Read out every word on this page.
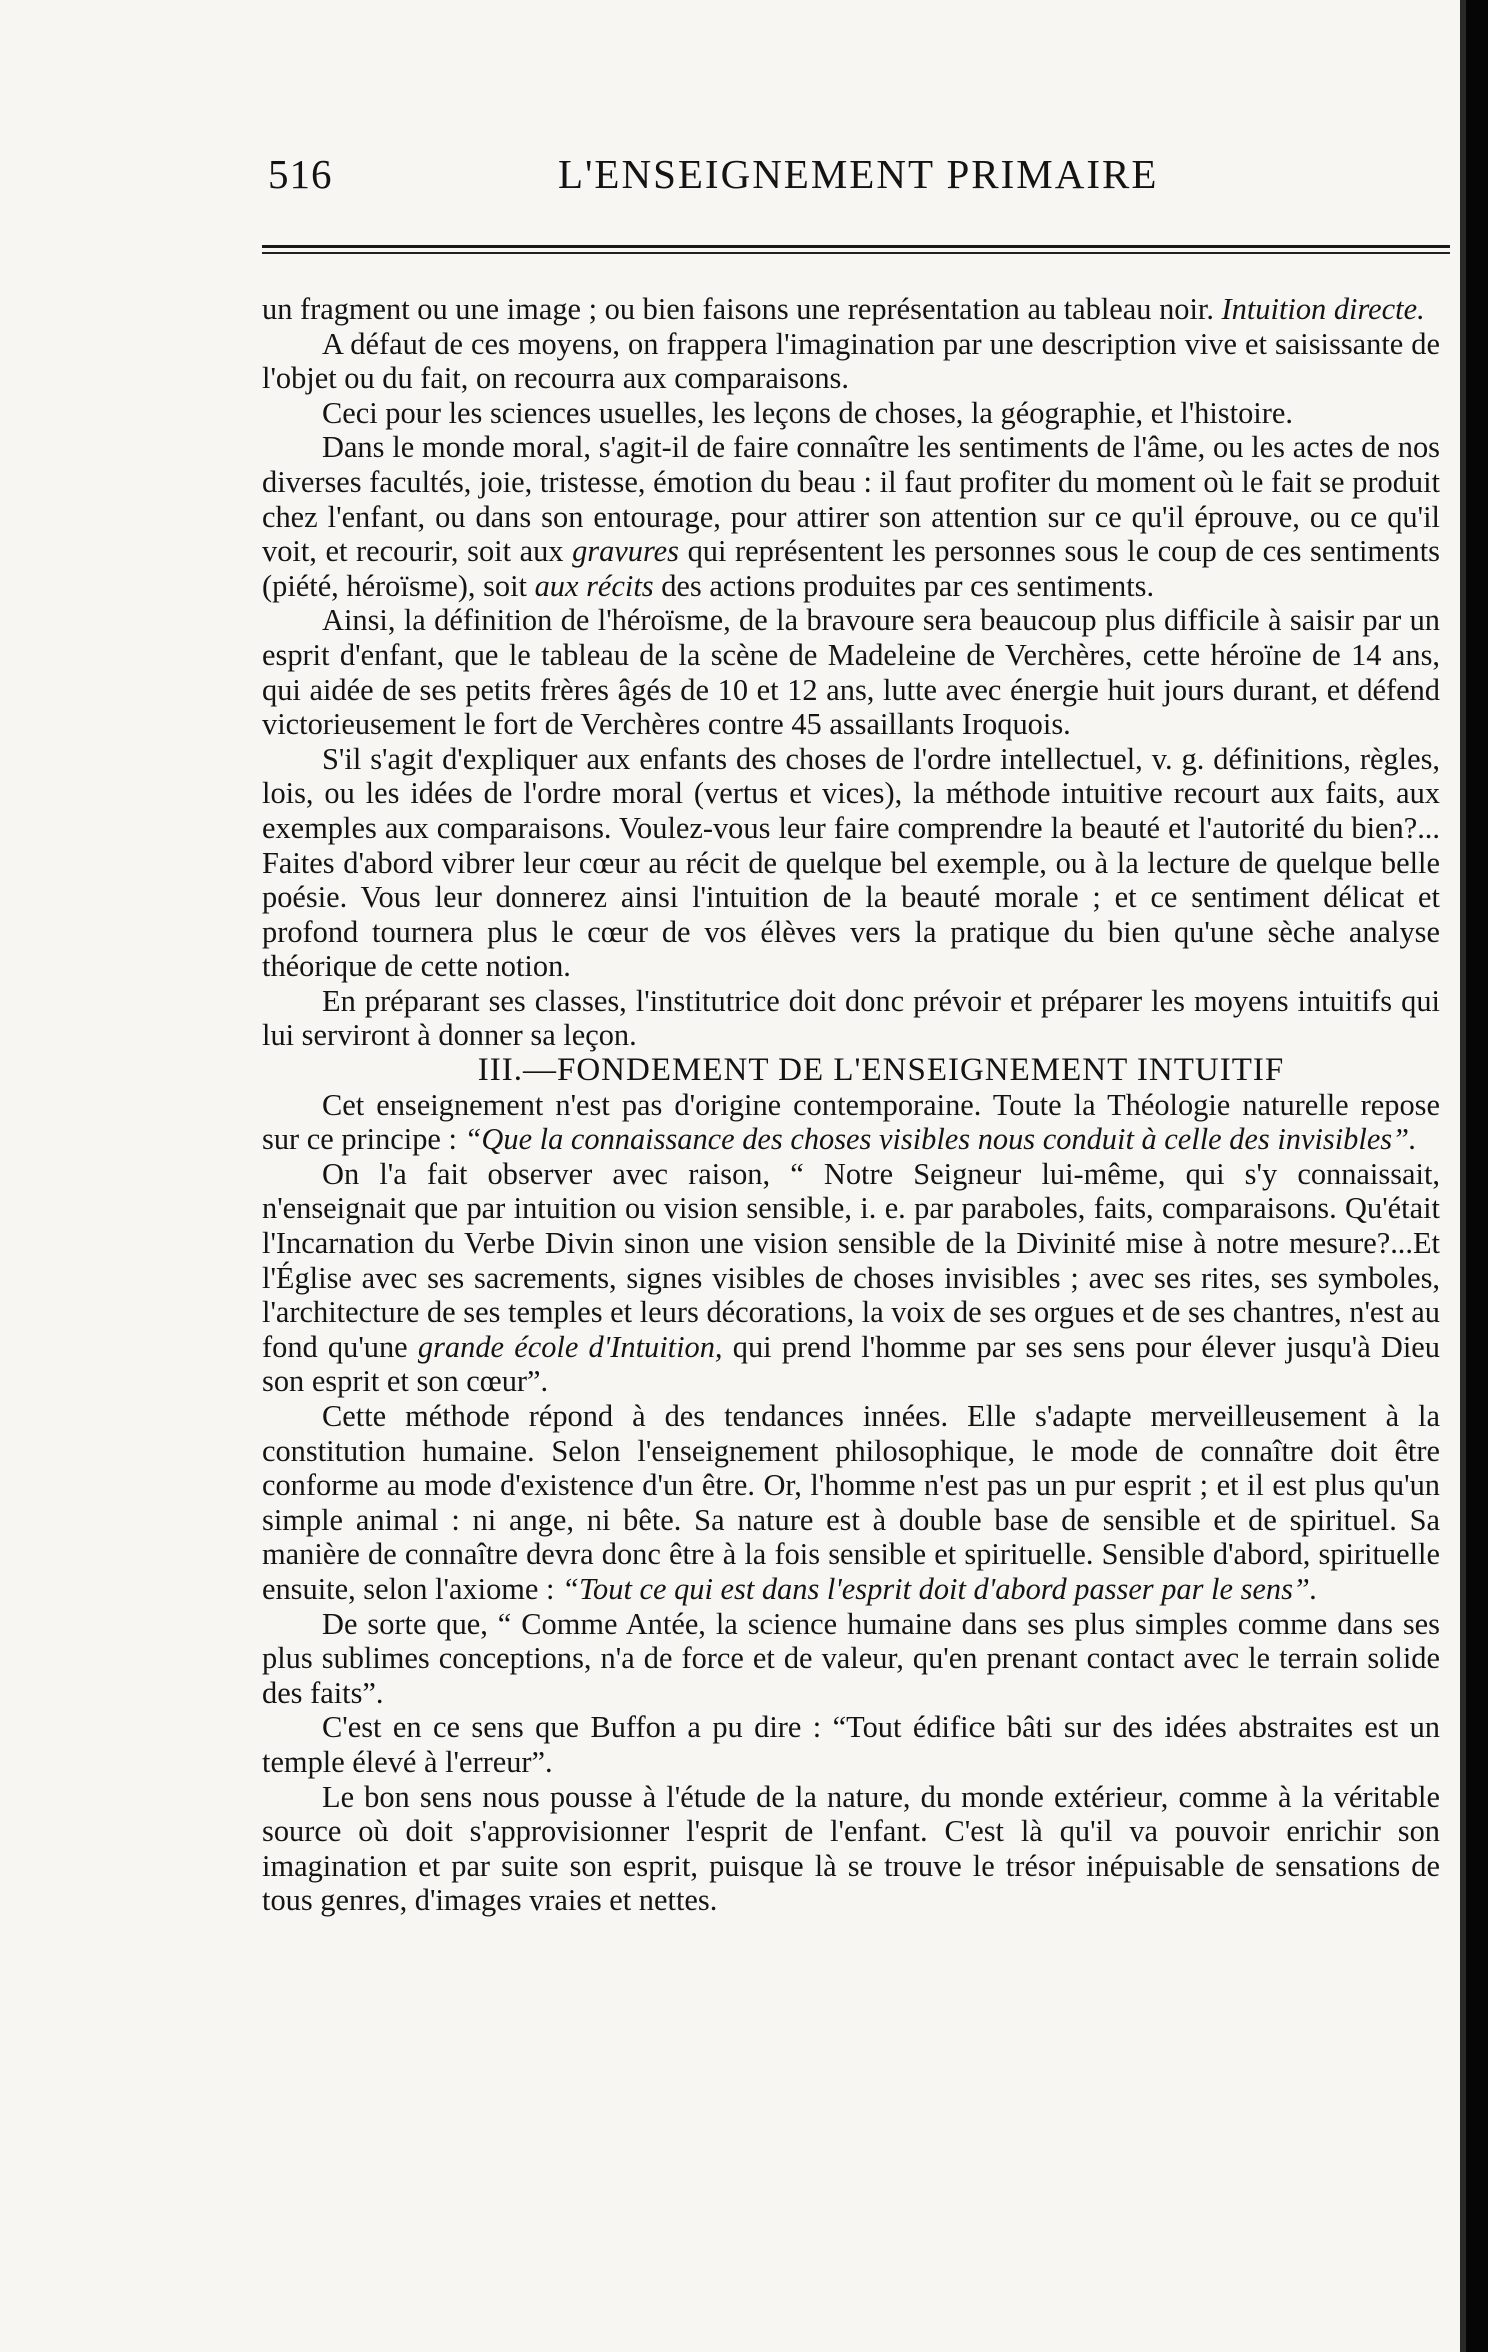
516	L'ENSEIGNEMENT PRIMAIRE

un fragment ou une image ; ou bien faisons une représentation au tableau noir. Intuition directe.

A défaut de ces moyens, on frappera l'imagination par une description vive et saisissante de l'objet ou du fait, on recourra aux comparaisons.

Ceci pour les sciences usuelles, les leçons de choses, la géographie, et l'histoire.

Dans le monde moral, s'agit-il de faire connaître les sentiments de l'âme, ou les actes de nos diverses facultés, joie, tristesse, émotion du beau : il faut profiter du moment où le fait se produit chez l'enfant, ou dans son entourage, pour attirer son attention sur ce qu'il éprouve, ou ce qu'il voit, et recourir, soit aux gravures qui représentent les personnes sous le coup de ces sentiments (piété, héroïsme), soit aux récits des actions produites par ces sentiments.

Ainsi, la définition de l'héroïsme, de la bravoure sera beaucoup plus difficile à saisir par un esprit d'enfant, que le tableau de la scène de Madeleine de Verchères, cette héroïne de 14 ans, qui aidée de ses petits frères âgés de 10 et 12 ans, lutte avec énergie huit jours durant, et défend victorieusement le fort de Verchères contre 45 assaillants Iroquois.

S'il s'agit d'expliquer aux enfants des choses de l'ordre intellectuel, v. g. définitions, règles, lois, ou les idées de l'ordre moral (vertus et vices), la méthode intuitive recourt aux faits, aux exemples aux comparaisons. Voulez-vous leur faire comprendre la beauté et l'autorité du bien?... Faites d'abord vibrer leur cœur au récit de quelque bel exemple, ou à la lecture de quelque belle poésie. Vous leur donnerez ainsi l'intuition de la beauté morale ; et ce sentiment délicat et profond tournera plus le cœur de vos élèves vers la pratique du bien qu'une sèche analyse théorique de cette notion.

En préparant ses classes, l'institutrice doit donc prévoir et préparer les moyens intuitifs qui lui serviront à donner sa leçon.

III.—FONDEMENT DE L'ENSEIGNEMENT INTUITIF

Cet enseignement n'est pas d'origine contemporaine. Toute la Théologie naturelle repose sur ce principe : “Que la connaissance des choses visibles nous conduit à celle des invisibles”.

On l'a fait observer avec raison, “ Notre Seigneur lui-même, qui s'y connaissait, n'enseignait que par intuition ou vision sensible, i. e. par paraboles, faits, comparaisons. Qu'était l'Incarnation du Verbe Divin sinon une vision sensible de la Divinité mise à notre mesure?...Et l'Église avec ses sacrements, signes visibles de choses invisibles ; avec ses rites, ses symboles, l'architecture de ses temples et leurs décorations, la voix de ses orgues et de ses chantres, n'est au fond qu'une grande école d'Intuition, qui prend l'homme par ses sens pour élever jusqu'à Dieu son esprit et son cœur”.

Cette méthode répond à des tendances innées. Elle s'adapte merveilleusement à la constitution humaine. Selon l'enseignement philosophique, le mode de connaître doit être conforme au mode d'existence d'un être. Or, l'homme n'est pas un pur esprit ; et il est plus qu'un simple animal : ni ange, ni bête. Sa nature est à double base de sensible et de spirituel. Sa manière de connaître devra donc être à la fois sensible et spirituelle. Sensible d'abord, spirituelle ensuite, selon l'axiome : “Tout ce qui est dans l'esprit doit d'abord passer par le sens”.

De sorte que, “ Comme Antée, la science humaine dans ses plus simples comme dans ses plus sublimes conceptions, n'a de force et de valeur, qu'en prenant contact avec le terrain solide des faits”.

C'est en ce sens que Buffon a pu dire : “Tout édifice bâti sur des idées abstraites est un temple élevé à l'erreur”.

Le bon sens nous pousse à l'étude de la nature, du monde extérieur, comme à la véritable source où doit s'approvisionner l'esprit de l'enfant. C'est là qu'il va pouvoir enrichir son imagination et par suite son esprit, puisque là se trouve le trésor inépuisable de sensations de tous genres, d'images vraies et nettes.
